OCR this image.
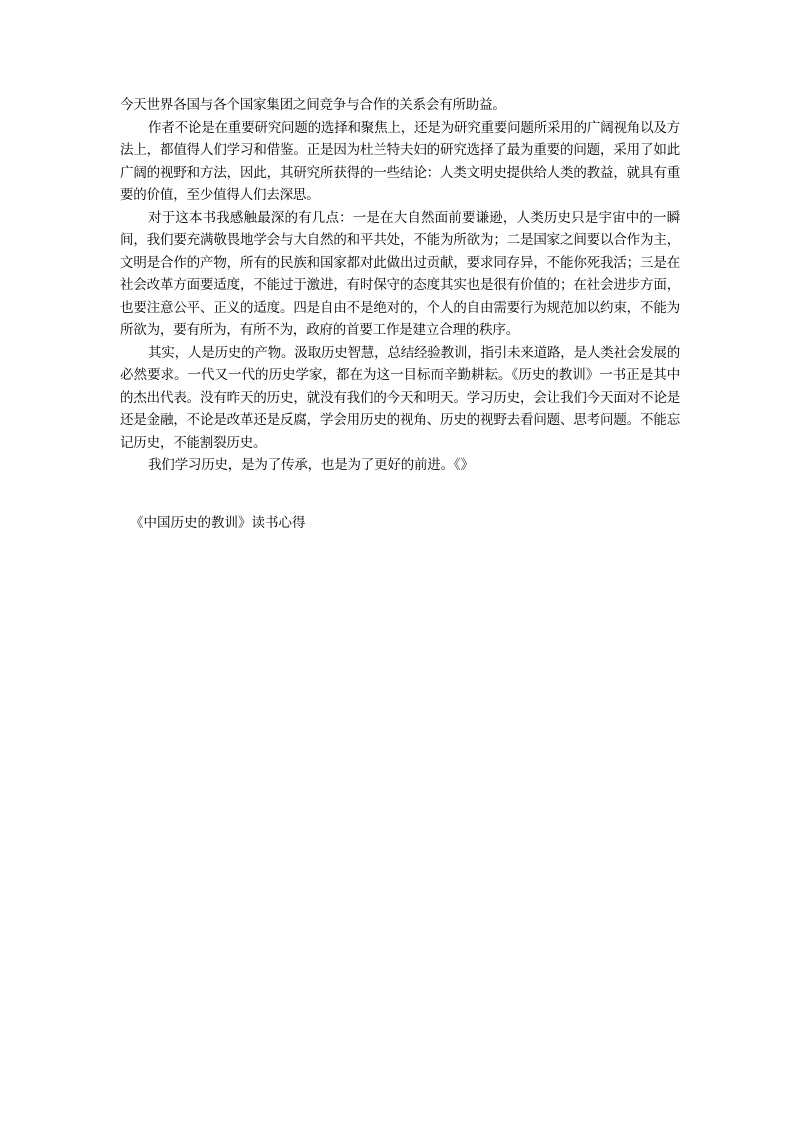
今天世界各国与各个国家集团之间竞争与合作的关系会有所助益。

作者不论是在重要研究问题的选择和聚焦上，还是为研究重要问题所采用的广阔视角以及方法上，都值得人们学习和借鉴。正是因为杜兰特夫妇的研究选择了最为重要的问题，采用了如此广阔的视野和方法，因此，其研究所获得的一些结论：人类文明史提供给人类的教益，就具有重要的价值，至少值得人们去深思。

对于这本书我感触最深的有几点：一是在大自然面前要谦逊，人类历史只是宇宙中的一瞬间，我们要充满敬畏地学会与大自然的和平共处，不能为所欲为；二是国家之间要以合作为主，文明是合作的产物，所有的民族和国家都对此做出过贡献，要求同存异，不能你死我活；三是在社会改革方面要适度，不能过于激进，有时保守的态度其实也是很有价值的；在社会进步方面，也要注意公平、正义的适度。四是自由不是绝对的，个人的自由需要行为规范加以约束，不能为所欲为，要有所为，有所不为，政府的首要工作是建立合理的秩序。

其实，人是历史的产物。汲取历史智慧，总结经验教训，指引未来道路，是人类社会发展的必然要求。一代又一代的历史学家，都在为这一目标而辛勤耕耘。《历史的教训》一书正是其中的杰出代表。没有昨天的历史，就没有我们的今天和明天。学习历史，会让我们今天面对不论是还是金融，不论是改革还是反腐，学会用历史的视角、历史的视野去看问题、思考问题。不能忘记历史，不能割裂历史。

我们学习历史，是为了传承，也是为了更好的前进。《》

《中国历史的教训》读书心得
